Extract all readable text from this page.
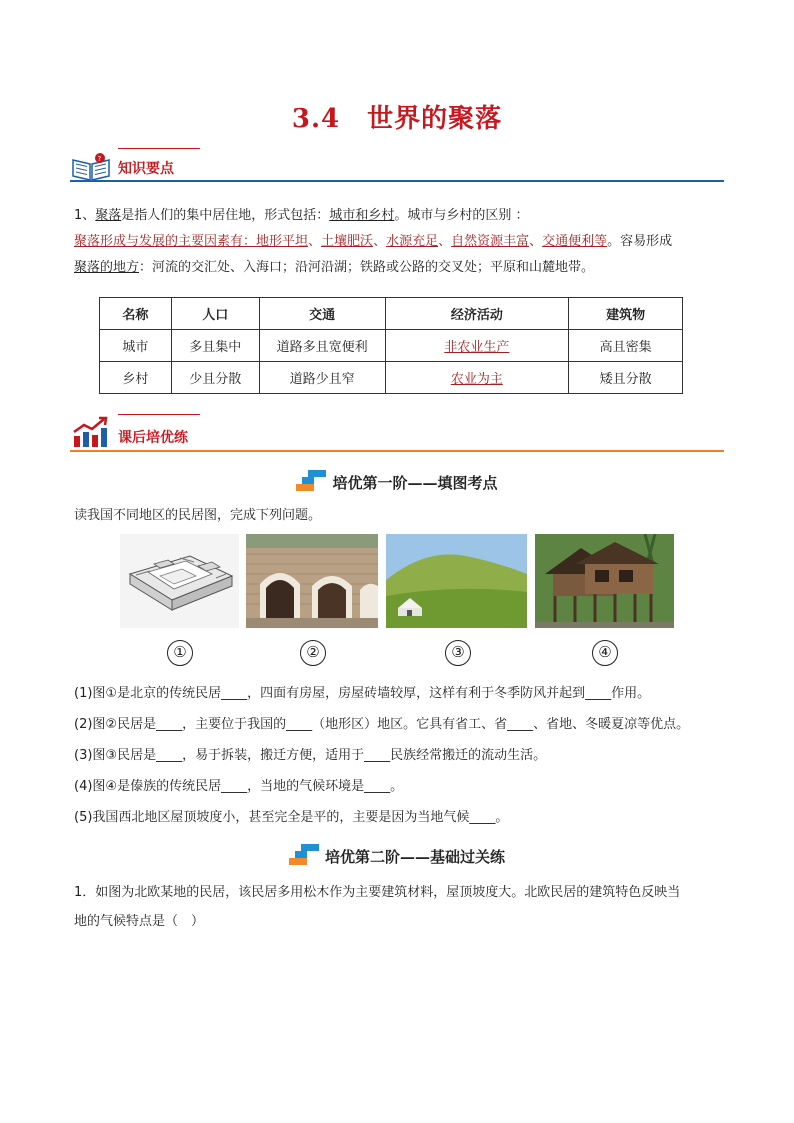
3.4　世界的聚落
?
知识要点
1、聚落是指人们的集中居住地，形式包括：城市和乡村。城市与乡村的区别 ：
聚落形成与发展的主要因素有：地形平坦、土壤肥沃、水源充足、自然资源丰富、交通便利等。容易形成
聚落的地方：河流的交汇处、入海口；沿河沿湖；铁路或公路的交叉处；平原和山麓地带。
名称	人口	交通	经济活动	建筑物
城市	多且集中	道路多且宽便利	非农业生产	高且密集
乡村	少且分散	道路少且窄	农业为主	矮且分散
课后培优练
培优第一阶——填图考点
读我国不同地区的民居图，完成下列问题。
①	②	③	④
(1)图①是北京的传统民居____，四面有房屋，房屋砖墙较厚，这样有利于冬季防风并起到____作用。
(2)图②民居是____，主要位于我国的____（地形区）地区。它具有省工、省____、省地、冬暖夏凉等优点。
(3)图③民居是____，易于拆装，搬迁方便，适用于____民族经常搬迁的流动生活。
(4)图④是傣族的传统民居____，当地的气候环境是____。
(5)我国西北地区屋顶坡度小，甚至完全是平的，主要是因为当地气候____。
培优第二阶——基础过关练
1．如图为北欧某地的民居，该民居多用松木作为主要建筑材料，屋顶坡度大。北欧民居的建筑特色反映当
地的气候特点是（　）
